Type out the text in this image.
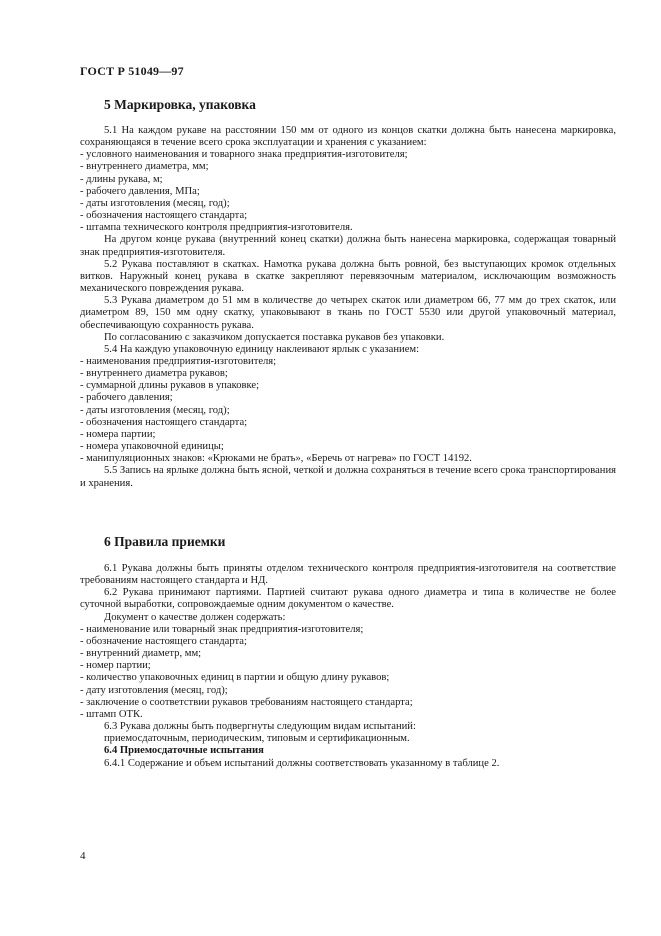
ГОСТ Р 51049—97
5 Маркировка, упаковка

5.1 На каждом рукаве на расстоянии 150 мм от одного из концов скатки должна быть нанесена маркировка, сохраняющаяся в течение всего срока эксплуатации и хранения с указанием:

- условного наименования и товарного знака предприятия-изготовителя;

- внутреннего диаметра, мм;

- длины рукава, м;

- рабочего давления, МПа;

- даты изготовления (месяц, год);

- обозначения настоящего стандарта;

- штампа технического контроля предприятия-изготовителя.

На другом конце рукава (внутренний конец скатки) должна быть нанесена маркировка, содержащая товарный знак предприятия-изготовителя.

5.2 Рукава поставляют в скатках. Намотка рукава должна быть ровной, без выступающих кромок отдельных витков. Наружный конец рукава в скатке закрепляют перевязочным материалом, исключающим возможность механического повреждения рукава.

5.3 Рукава диаметром до 51 мм в количестве до четырех скаток или диаметром 66, 77 мм до трех скаток, или диаметром 89, 150 мм одну скатку, упаковывают в ткань по ГОСТ 5530 или другой упаковочный материал, обеспечивающую сохранность рукава.

По согласованию с заказчиком допускается поставка рукавов без упаковки.

5.4 На каждую упаковочную единицу наклеивают ярлык с указанием:

- наименования предприятия-изготовителя;

- внутреннего диаметра рукавов;

- суммарной длины рукавов в упаковке;

- рабочего давления;

- даты изготовления (месяц, год);

- обозначения настоящего стандарта;

- номера партии;

- номера упаковочной единицы;

- манипуляционных знаков: «Крюками не брать», «Беречь от нагрева» по ГОСТ 14192.

5.5 Запись на ярлыке должна быть ясной, четкой и должна сохраняться в течение всего срока транспортирования и хранения.

6 Правила приемки

6.1 Рукава должны быть приняты отделом технического контроля предприятия-изготовителя на соответствие требованиям настоящего стандарта и НД.

6.2 Рукава принимают партиями. Партией считают рукава одного диаметра и типа в количестве не более суточной выработки, сопровождаемые одним документом о качестве.

Документ о качестве должен содержать:

- наименование или товарный знак предприятия-изготовителя;

- обозначение настоящего стандарта;

- внутренний диаметр, мм;

- номер партии;

- количество упаковочных единиц в партии и общую длину рукавов;

- дату изготовления (месяц, год);

- заключение о соответствии рукавов требованиям настоящего стандарта;

- штамп ОТК.

6.3 Рукава должны быть подвергнуты следующим видам испытаний:

приемосдаточным, периодическим, типовым и сертификационным.

6.4 Приемосдаточные испытания

6.4.1 Содержание и объем испытаний должны соответствовать указанному в таблице 2.

4
